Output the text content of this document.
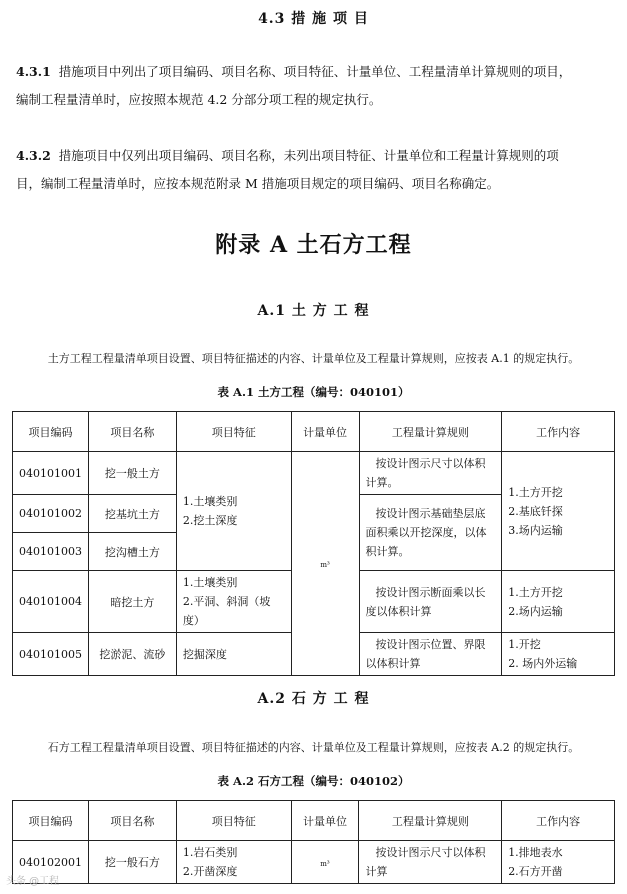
4.3 措 施 项 目
4.3.1 措施项目中列出了项目编码、项目名称、项目特征、计量单位、工程量清单计算规则的项目，
编制工程量清单时，应按照本规范 4.2 分部分项工程的规定执行。
4.3.2 措施项目中仅列出项目编码、项目名称，未列出项目特征、计量单位和工程量计算规则的项
目，编制工程量清单时，应按本规范附录 M 措施项目规定的项目编码、项目名称确定。
附录 A 土石方工程
A.1 土 方 工 程
土方工程工程量清单项目设置、项目特征描述的内容、计量单位及工程量计算规则，应按表 A.1 的规定执行。
表 A.1 土方工程（编号：040101）
项目编码	项目名称	项目特征	计量单位	工程量计算规则	工作内容
040101001	挖一般土方	1.土壤类别
2.挖土深度	m³	按设计图示尺寸以体积计算。	1.土方开挖
2.基底钎探
3.场内运输

040101002	挖基坑土方			按设计图示基础垫层底面积乘以开挖深度，以体积计算。	
040101003	挖沟槽土方				
040101004	暗挖土方	1.土壤类别
2.平洞、斜洞（坡度）		按设计图示断面乘以长度以体积计算	1.土方开挖
2.场内运输

040101005	挖淤泥、流砂	挖掘深度		按设计图示位置、界限以体积计算	1.开挖
2. 场内外运输
A.2 石 方 工 程
石方工程工程量清单项目设置、项目特征描述的内容、计量单位及工程量计算规则，应按表 A.2 的规定执行。
表 A.2 石方工程（编号：040102）
项目编码	项目名称	项目特征	计量单位	工程量计算规则	工作内容
040102001	挖一般石方	1.岩石类别
2.开凿深度	m³	按设计图示尺寸以体积计算	1.排地表水
2.石方开凿
头条 @工程
